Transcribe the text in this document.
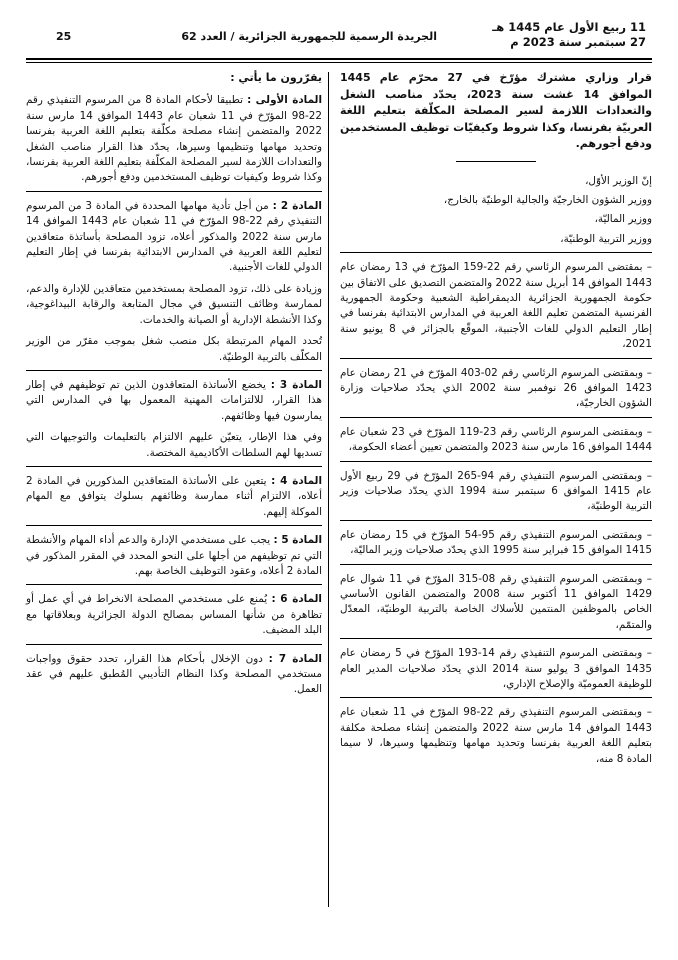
11 ربيع الأول عام 1445 هـ
27 سبتمبر سنة 2023 م
الجريدة الرسمية للجمهورية الجزائرية / العدد 62
25

قرار وزاري مشترك مؤرّخ في 27 محرّم عام 1445 الموافق 14 غشت سنة 2023، يحدّد مناصب الشغل والتعدادات اللازمة لسير المصلحة المكلّفة بتعليم اللغة العربيّة بفرنسا، وكذا شروط وكيفيّات توظيف المستخدمين ودفع أجورهم.

إنّ الوزير الأوّل،

ووزير الشؤون الخارجيّة والجالية الوطنيّة بالخارج،

ووزير الماليّة،

ووزير التربية الوطنيّة،

– بمقتضى المرسوم الرئاسي رقم 22-159 المؤرّخ في 13 رمضان عام 1443 الموافق 14 أبريل سنة 2022 والمتضمن التصديق على الاتفاق بين حكومة الجمهورية الجزائرية الديمقراطية الشعبية وحكومة الجمهورية الفرنسية المتضمن تعليم اللغة العربية في المدارس الابتدائية بفرنسا في إطار التعليم الدولي للغات الأجنبية، الموقّع بالجزائر في 8 يونيو سنة 2021،

– وبمقتضى المرسوم الرئاسي رقم 02-403 المؤرّخ في 21 رمضان عام 1423 الموافق 26 نوفمبر سنة 2002 الذي يحدّد صلاحيات وزارة الشؤون الخارجيّة،

– وبمقتضى المرسوم الرئاسي رقم 23-119 المؤرّخ في 23 شعبان عام 1444 الموافق 16 مارس سنة 2023 والمتضمن تعيين أعضاء الحكومة،

– وبمقتضى المرسوم التنفيذي رقم 94-265 المؤرّخ في 29 ربيع الأول عام 1415 الموافق 6 سبتمبر سنة 1994 الذي يحدّد صلاحيات وزير التربية الوطنيّة،

– وبمقتضى المرسوم التنفيذي رقم 95-54 المؤرّخ في 15 رمضان عام 1415 الموافق 15 فبراير سنة 1995 الذي يحدّد صلاحيات وزير الماليّة،

– وبمقتضى المرسوم التنفيذي رقم 08-315 المؤرّخ في 11 شوال عام 1429 الموافق 11 أكتوبر سنة 2008 والمتضمن القانون الأساسي الخاص بالموظفين المنتمين للأسلاك الخاصة بالتربية الوطنيّة، المعدّل والمتمّم،

– وبمقتضى المرسوم التنفيذي رقم 14-193 المؤرّخ في 5 رمضان عام 1435 الموافق 3 يوليو سنة 2014 الذي يحدّد صلاحيات المدير العام للوظيفة العموميّة والإصلاح الإداري،

– وبمقتضى المرسوم التنفيذي رقم 22-98 المؤرّخ في 11 شعبان عام 1443 الموافق 14 مارس سنة 2022 والمتضمن إنشاء مصلحة مكلفة بتعليم اللغة العربية بفرنسا وتحديد مهامها وتنظيمها وسيرها، لا سيما المادة 8 منه،

يقرّرون ما يأتي :

المادة الأولى : تطبيقا لأحكام المادة 8 من المرسوم التنفيذي رقم 22-98 المؤرّخ في 11 شعبان عام 1443 الموافق 14 مارس سنة 2022 والمتضمن إنشاء مصلحة مكلّفة بتعليم اللغة العربية بفرنسا وتحديد مهامها وتنظيمها وسيرها، يحدّد هذا القرار مناصب الشغل والتعدادات اللازمة لسير المصلحة المكلّفة بتعليم اللغة العربية بفرنسا، وكذا شروط وكيفيات توظيف المستخدمين ودفع أجورهم.

المادة 2 : من أجل تأدية مهامها المحددة في المادة 3 من المرسوم التنفيذي رقم 22-98 المؤرّخ في 11 شعبان عام 1443 الموافق 14 مارس سنة 2022 والمذكور أعلاه، تزود المصلحة بأساتذة متعاقدين لتعليم اللغة العربية في المدارس الابتدائية بفرنسا في إطار التعليم الدولي للغات الأجنبية.

وزيادة على ذلك، تزود المصلحة بمستخدمين متعاقدين للإدارة والدعم، لممارسة وظائف التنسيق في مجال المتابعة والرقابة البيداغوجية، وكذا الأنشطة الإدارية أو الصيانة والخدمات.

تُحدد المهام المرتبطة بكل منصب شغل بموجب مقرّر من الوزير المكلّف بالتربية الوطنيّة.

المادة 3 : يخضع الأساتذة المتعاقدون الذين تم توظيفهم في إطار هذا القرار، للالتزامات المهنية المعمول بها في المدارس التي يمارسون فيها وظائفهم.

وفي هذا الإطار، يتعيّن عليهم الالتزام بالتعليمات والتوجيهات التي تسديها لهم السلطات الأكاديمية المختصة.

المادة 4 : يتعين على الأساتذة المتعاقدين المذكورين في المادة 2 أعلاه، الالتزام أثناء ممارسة وظائفهم بسلوك يتوافق مع المهام الموكلة إليهم.

المادة 5 : يجب على مستخدمي الإدارة والدعم أداء المهام والأنشطة التي تم توظيفهم من أجلها على النحو المحدد في المقرر المذكور في المادة 2 أعلاه، وعقود التوظيف الخاصة بهم.

المادة 6 : يُمنع على مستخدمي المصلحة الانخراط في أي عمل أو تظاهرة من شأنها المساس بمصالح الدولة الجزائرية وبعلاقاتها مع البلد المضيف.

المادة 7 : دون الإخلال بأحكام هذا القرار، تحدد حقوق وواجبات مستخدمي المصلحة وكذا النظام التأديبي المُطبق عليهم في عقد العمل.
